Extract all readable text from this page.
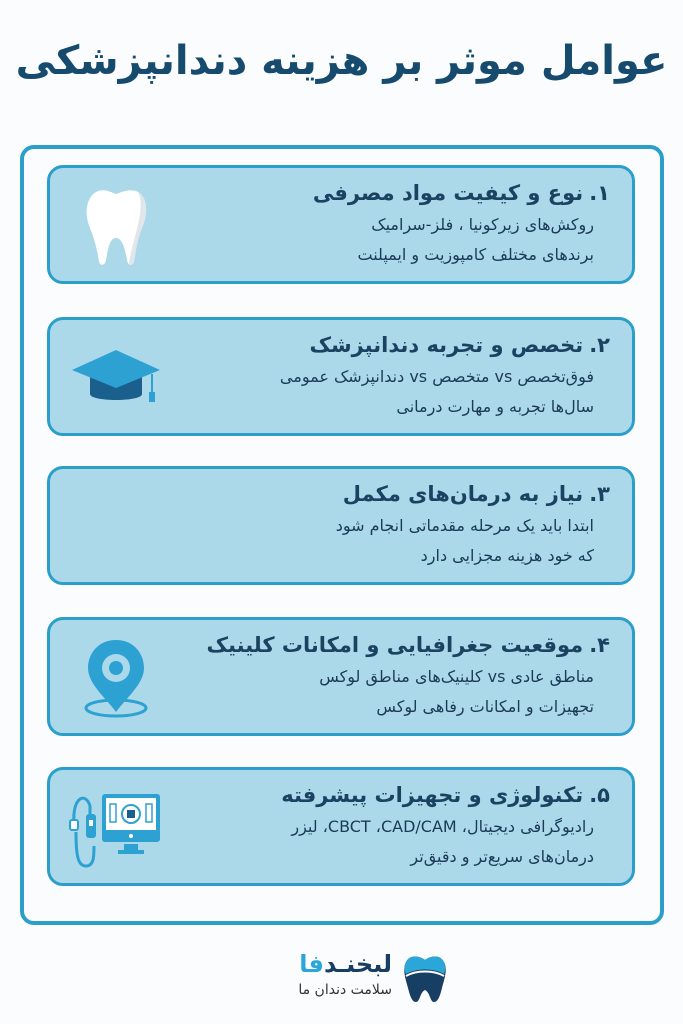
عوامل موثر بر هزینه دندانپزشکی
۱.نوع و کیفیت مواد مصرفی
روکش‌های زیرکونیا ، فلز-سرامیک
برندهای مختلف کامپوزیت و ایمپلنت
۲.تخصص و تجربه دندانپزشک
فوق‌تخصص vs متخصص vs دندانپزشک عمومی
سال‌ها تجربه و مهارت درمانی
۳.نیاز به درمان‌های مکمل
ابتدا باید یک مرحله مقدماتی انجام شود
که خود هزینه مجزایی دارد
۴.موقعیت جغرافیایی و امکانات کلینیک
مناطق عادی vs کلینیک‌های مناطق لوکس
تجهیزات و امکانات رفاهی لوکس
۵.تکنولوژی و تجهیزات پیشرفته
رادیوگرافی دیجیتال، CBCT ،CAD/CAM، لیزر
درمان‌های سریع‌تر و دقیق‌تر
لبخنـدفا
سلامت دندان ما
